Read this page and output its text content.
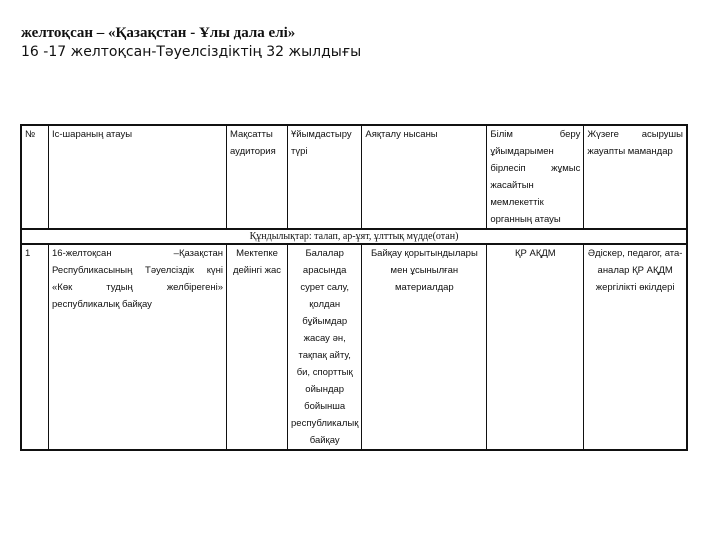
желтоқсан – «Қазақстан - Ұлы дала елі»
16 -17 желтоқсан-Тәуелсіздіктің 32 жылдығы
№	Іс-шараның атауы	Мақсатты аудитория	Ұйымдастыру түрі	Аяқталу нысаны	Білім беру ұйымдарымен бірлесіп жұмыс жасайтын мемлекеттік органның атауы	Жүзеге асырушы жауапты мамандар
Құндылықтар: талап, ар-ұят, ұлттық мүдде(отан)						
1	16-желтоқсан –Қазақстан Республикасының Тәуелсіздік күні «Көк тудың желбірегені» республикалық байқау	Мектепке дейінгі жас	Балалар арасында сурет салу, қолдан бұйымдар жасау ән, тақпақ айту, би, спорттық ойындар бойынша республикалық байқау	Байқау қорытындылары мен ұсынылған материалдар	ҚР АҚДМ	Әдіскер, педагог, ата-аналар ҚР АҚДМ жергілікті өкілдері
